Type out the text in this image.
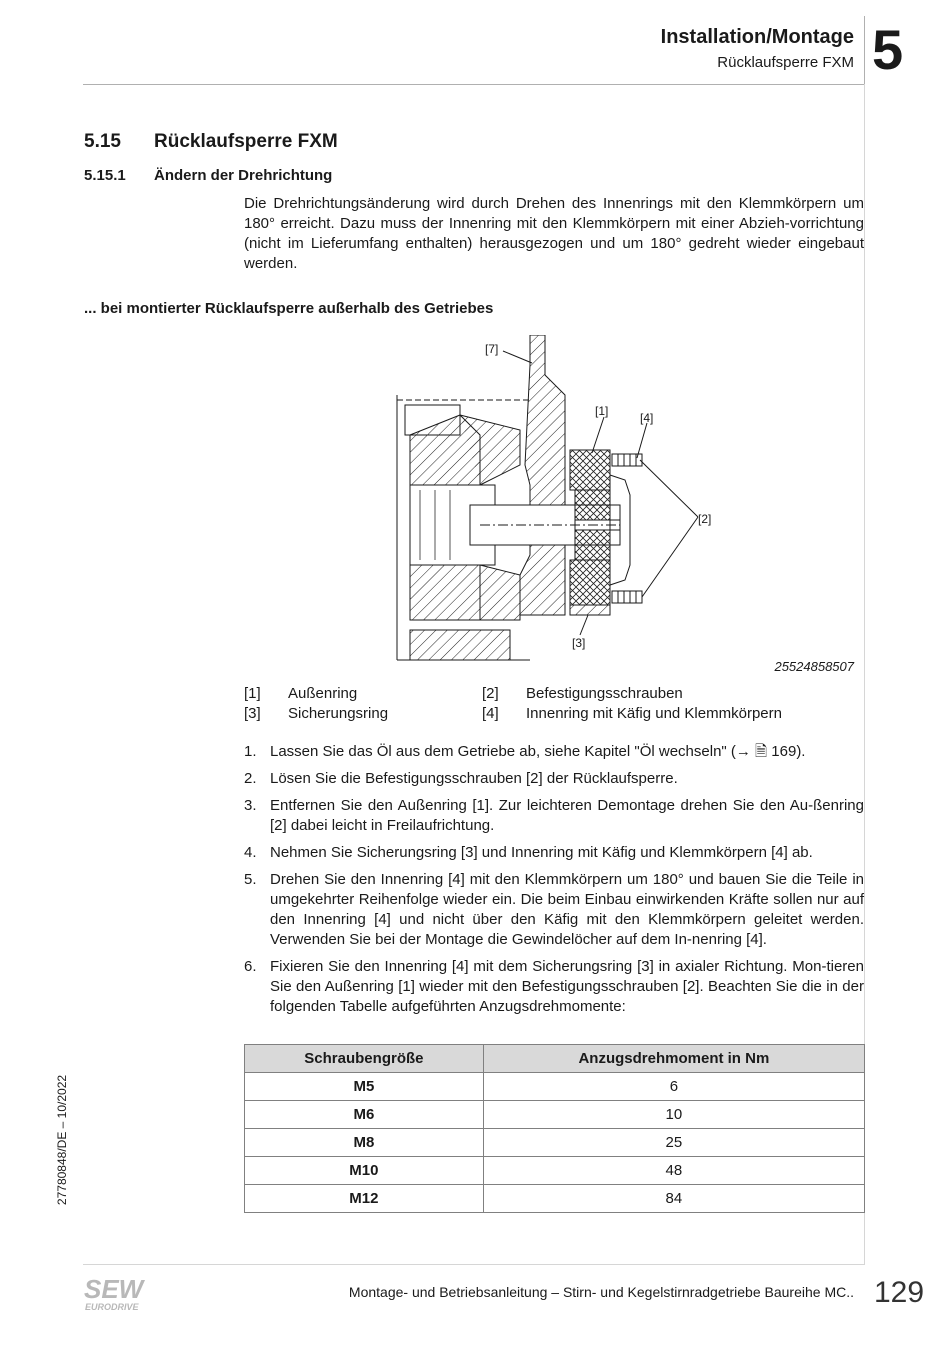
Installation/Montage
Rücklaufsperre FXM 5
5.15 Rücklaufsperre FXM
5.15.1 Ändern der Drehrichtung
Die Drehrichtungsänderung wird durch Drehen des Innenrings mit den Klemmkörpern um 180° erreicht. Dazu muss der Innenring mit den Klemmkörpern mit einer Abzieh-vorrichtung (nicht im Lieferumfang enthalten) herausgezogen und um 180° gedreht wieder eingebaut werden.
... bei montierter Rücklaufsperre außerhalb des Getriebes
[7]
[1]	[4]
[2]
[3]
25524858507
[1] Außenring	[2] Befestigungsschrauben
[3] Sicherungsring	[4] Innenring mit Käfig und Klemmkörpern
1. Lassen Sie das Öl aus dem Getriebe ab, siehe Kapitel "Öl wechseln" (→ 🗎 169).
2. Lösen Sie die Befestigungsschrauben [2] der Rücklaufsperre.
3. Entfernen Sie den Außenring [1]. Zur leichteren Demontage drehen Sie den Au-ßenring [2] dabei leicht in Freilaufrichtung.
4. Nehmen Sie Sicherungsring [3] und Innenring mit Käfig und Klemmkörpern [4] ab.
5. Drehen Sie den Innenring [4] mit den Klemmkörpern um 180° und bauen Sie die Teile in umgekehrter Reihenfolge wieder ein. Die beim Einbau einwirkenden Kräfte sollen nur auf den Innenring [4] und nicht über den Käfig mit den Klemmkörpern geleitet werden. Verwenden Sie bei der Montage die Gewindelöcher auf dem In-nenring [4].
6. Fixieren Sie den Innenring [4] mit dem Sicherungsring [3] in axialer Richtung. Mon-tieren Sie den Außenring [1] wieder mit den Befestigungsschrauben [2]. Beachten Sie die in der folgenden Tabelle aufgeführten Anzugsdrehmomente:
Schraubengröße	Anzugsdrehmoment in Nm
M5	6
M6	10
M8	25
M10	48
M12	84
27780848/DE – 10/2022
SEW
EURODRIVE
Montage- und Betriebsanleitung – Stirn- und Kegelstirnradgetriebe Baureihe MC.. 129
